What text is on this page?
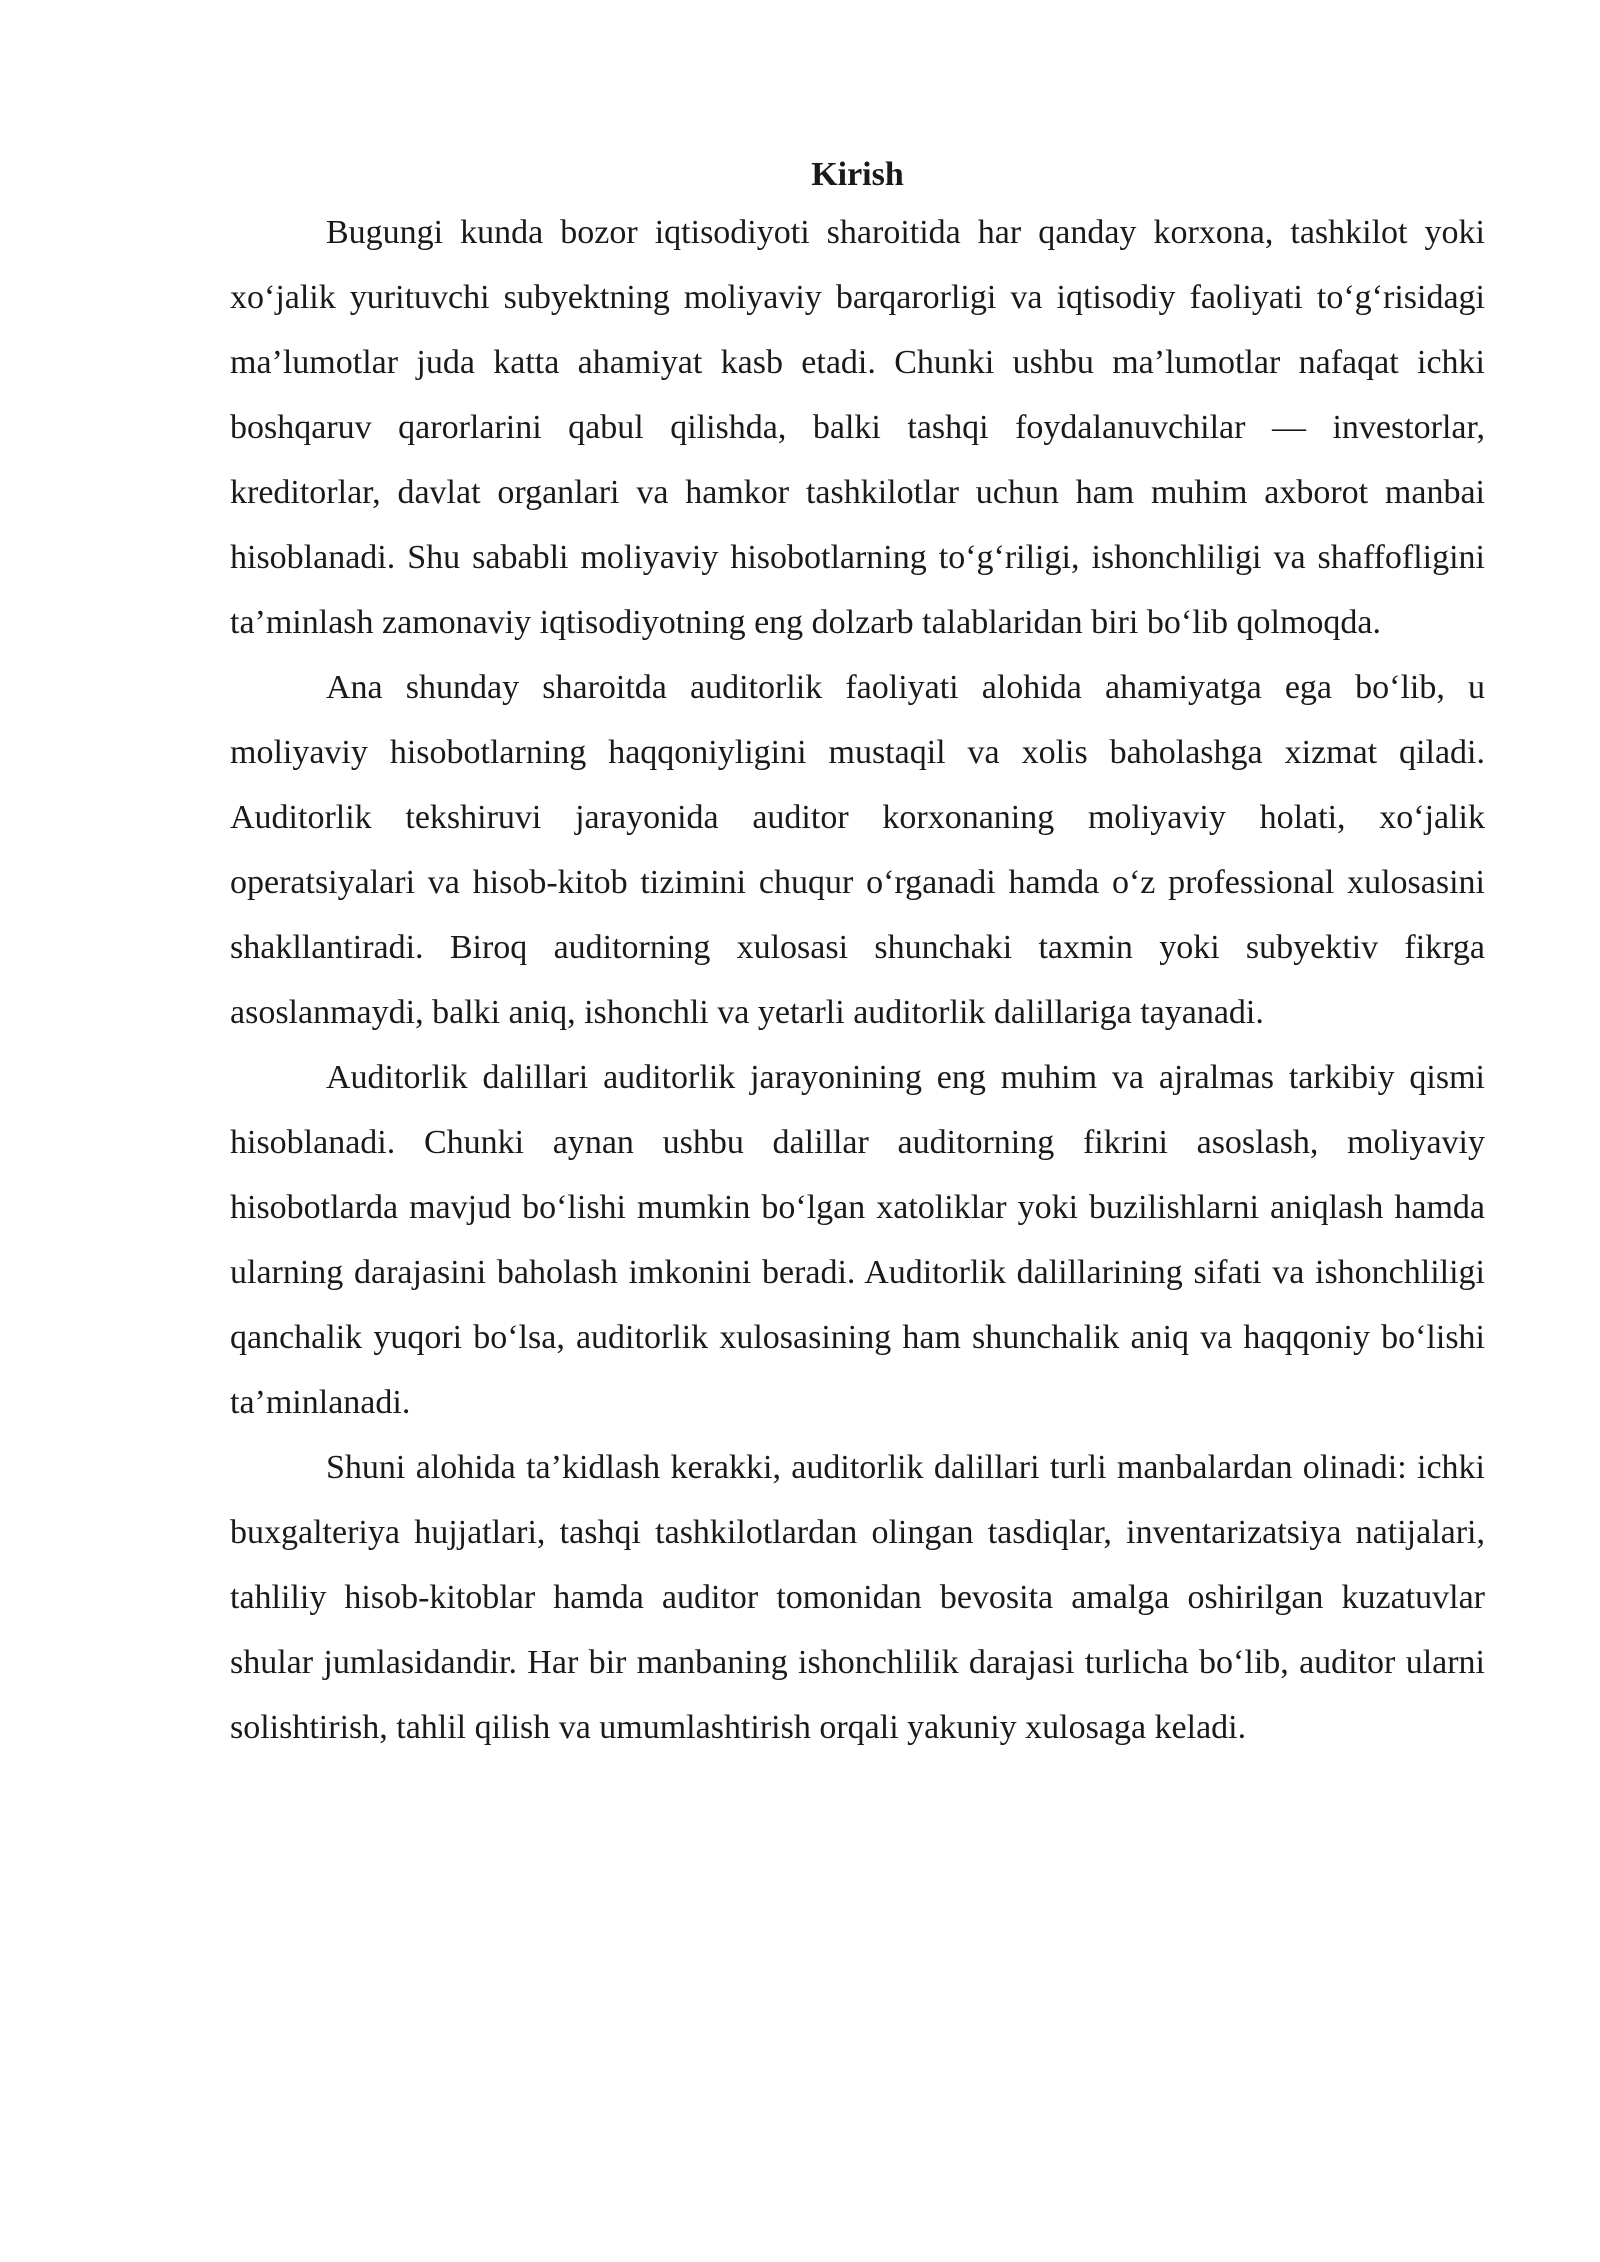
Kirish

Bugungi kunda bozor iqtisodiyoti sharoitida har qanday korxona, tashkilot yoki xo‘jalik yurituvchi subyektning moliyaviy barqarorligi va iqtisodiy faoliyati to‘g‘risidagi ma’lumotlar juda katta ahamiyat kasb etadi. Chunki ushbu ma’lumotlar nafaqat ichki boshqaruv qarorlarini qabul qilishda, balki tashqi foydalanuvchilar — investorlar, kreditorlar, davlat organlari va hamkor tashkilotlar uchun ham muhim axborot manbai hisoblanadi. Shu sababli moliyaviy hisobotlarning to‘g‘riligi, ishonchliligi va shaffofligini ta’minlash zamonaviy iqtisodiyotning eng dolzarb talablaridan biri bo‘lib qolmoqda.

Ana shunday sharoitda auditorlik faoliyati alohida ahamiyatga ega bo‘lib, u moliyaviy hisobotlarning haqqoniyligini mustaqil va xolis baholashga xizmat qiladi. Auditorlik tekshiruvi jarayonida auditor korxonaning moliyaviy holati, xo‘jalik operatsiyalari va hisob-kitob tizimini chuqur o‘rganadi hamda o‘z professional xulosasini shakllantiradi. Biroq auditorning xulosasi shunchaki taxmin yoki subyektiv fikrga asoslanmaydi, balki aniq, ishonchli va yetarli auditorlik dalillariga tayanadi.

Auditorlik dalillari auditorlik jarayonining eng muhim va ajralmas tarkibiy qismi hisoblanadi. Chunki aynan ushbu dalillar auditorning fikrini asoslash, moliyaviy hisobotlarda mavjud bo‘lishi mumkin bo‘lgan xatoliklar yoki buzilishlarni aniqlash hamda ularning darajasini baholash imkonini beradi. Auditorlik dalillarining sifati va ishonchliligi qanchalik yuqori bo‘lsa, auditorlik xulosasining ham shunchalik aniq va haqqoniy bo‘lishi ta’minlanadi.

Shuni alohida ta’kidlash kerakki, auditorlik dalillari turli manbalardan olinadi: ichki buxgalteriya hujjatlari, tashqi tashkilotlardan olingan tasdiqlar, inventarizatsiya natijalari, tahliliy hisob-kitoblar hamda auditor tomonidan bevosita amalga oshirilgan kuzatuvlar shular jumlasidandir. Har bir manbaning ishonchlilik darajasi turlicha bo‘lib, auditor ularni solishtirish, tahlil qilish va umumlashtirish orqali yakuniy xulosaga keladi.
